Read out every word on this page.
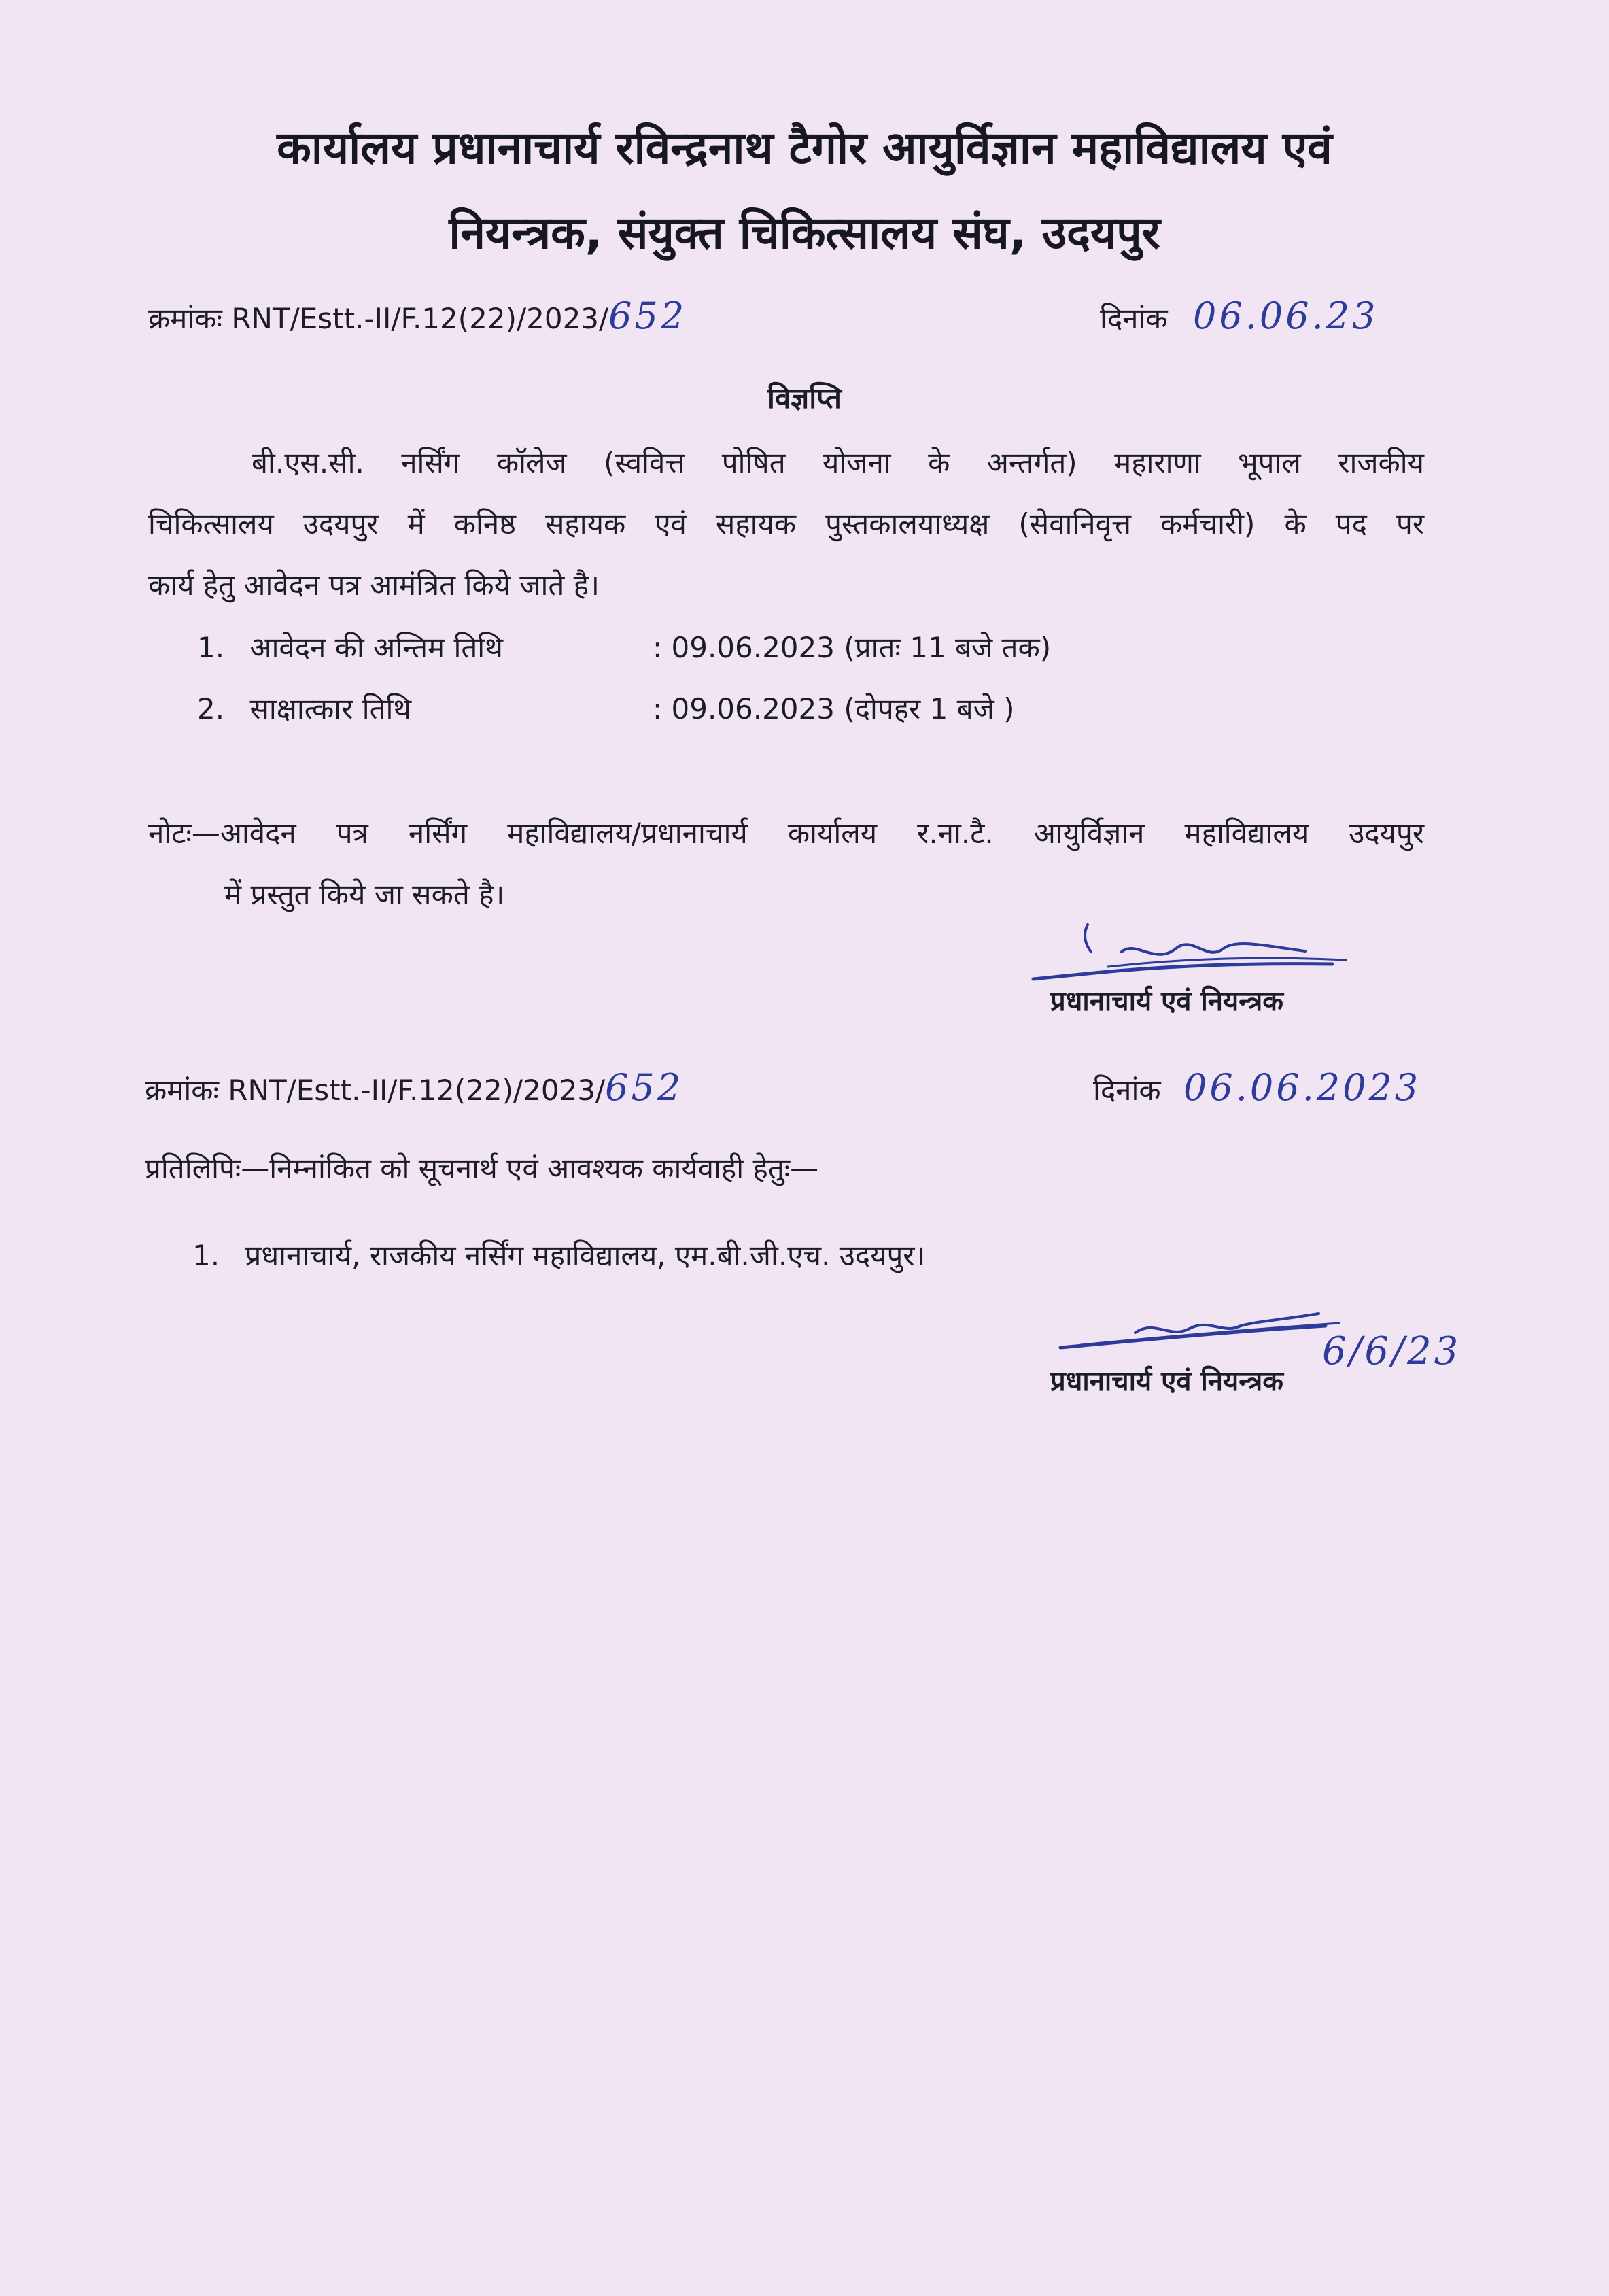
कार्यालय प्रधानाचार्य रविन्द्रनाथ टैगोर आयुर्विज्ञान महाविद्यालय एवं
नियन्त्रक, संयुक्त चिकित्सालय संघ, उदयपुर
क्रमांकः RNT/Estt.-II/F.12(22)/2023/652	दिनांक 06.06.23
विज्ञप्ति
बी.एस.सी. नर्सिंग कॉलेज (स्ववित्त पोषित योजना के अन्तर्गत) महाराणा भूपाल राजकीय
चिकित्सालय उदयपुर में कनिष्ठ सहायक एवं सहायक पुस्तकालयाध्यक्ष (सेवानिवृत्त कर्मचारी) के पद पर
कार्य हेतु आवेदन पत्र आमंत्रित किये जाते है।
1. आवेदन की अन्तिम तिथि	: 09.06.2023 (प्रातः 11 बजे तक)
2. साक्षात्कार तिथि	: 09.06.2023 (दोपहर 1 बजे )
नोटः—आवेदन पत्र नर्सिंग महाविद्यालय/प्रधानाचार्य कार्यालय र.ना.टै. आयुर्विज्ञान महाविद्यालय उदयपुर
में प्रस्तुत किये जा सकते है।
प्रधानाचार्य एवं नियन्त्रक
क्रमांकः RNT/Estt.-II/F.12(22)/2023/652	दिनांक 06.06.2023
प्रतिलिपिः—निम्नांकित को सूचनार्थ एवं आवश्यक कार्यवाही हेतुः—
1. प्रधानाचार्य, राजकीय नर्सिंग महाविद्यालय, एम.बी.जी.एच. उदयपुर।
प्रधानाचार्य एवं नियन्त्रक
6/6/23
